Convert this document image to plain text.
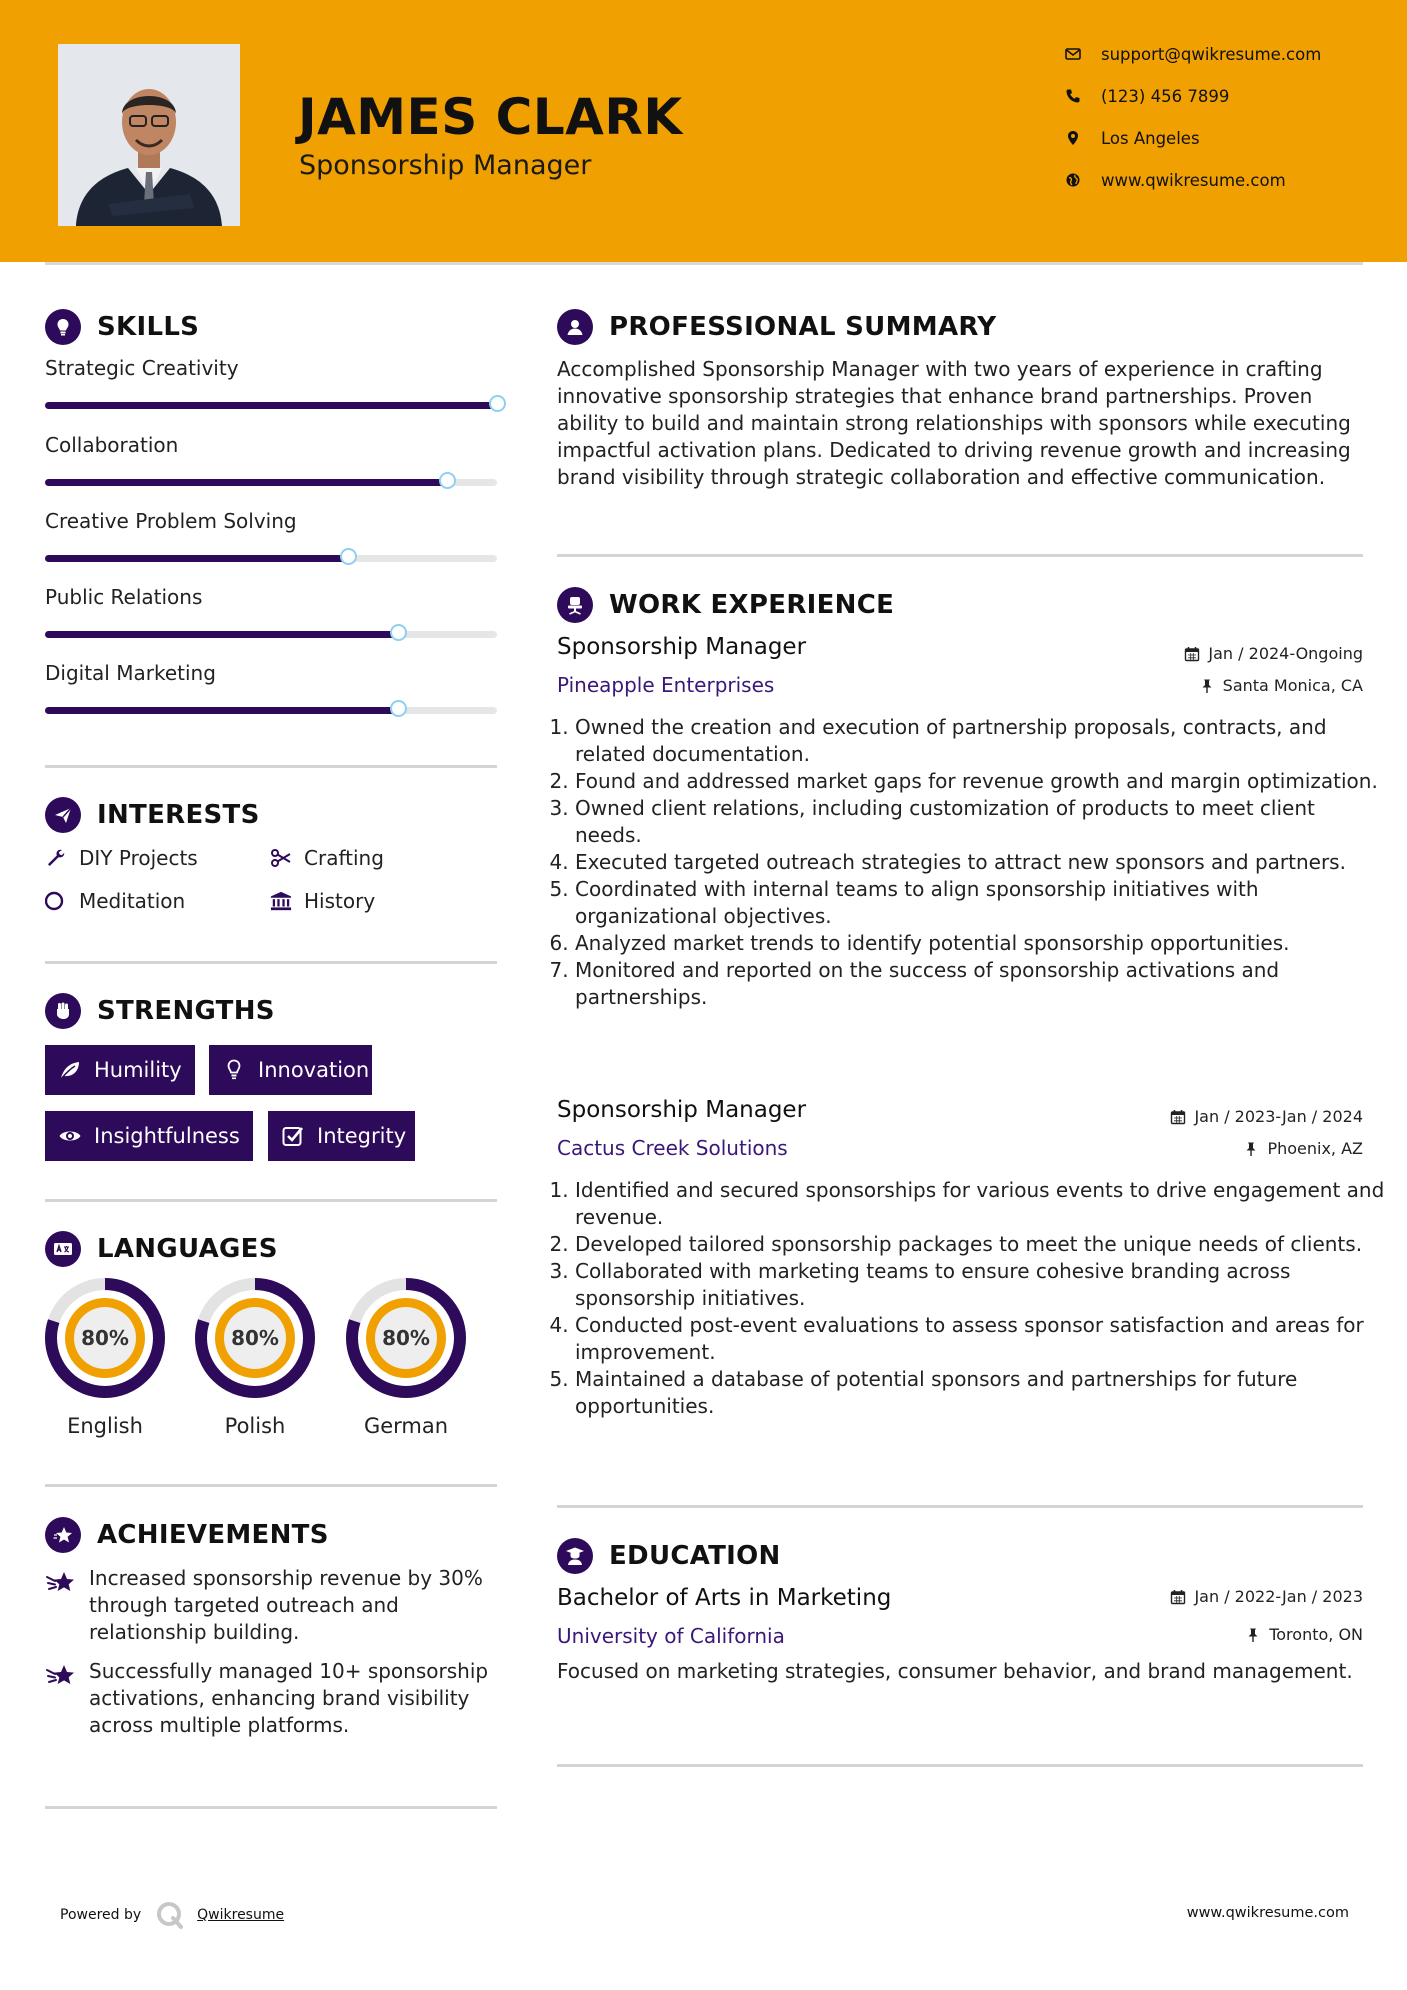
JAMES CLARK
Sponsorship Manager
support@qwikresume.com
(123) 456 7899
Los Angeles
www.qwikresume.com
SKILLS
Strategic Creativity
Collaboration
Creative Problem Solving
Public Relations
Digital Marketing
INTERESTS
DIY Projects	Crafting
Meditation	History
STRENGTHS
Humility	Innovation
Insightfulness	Integrity
LANGUAGES
80%
English
80%
Polish
80%
German
ACHIEVEMENTS
Increased sponsorship revenue by 30% through targeted outreach and relationship building.
Successfully managed 10+ sponsorship activations, enhancing brand visibility across multiple platforms.
PROFESSIONAL SUMMARY
Accomplished Sponsorship Manager with two years of experience in crafting innovative sponsorship strategies that enhance brand partnerships. Proven ability to build and maintain strong relationships with sponsors while executing impactful activation plans. Dedicated to driving revenue growth and increasing brand visibility through strategic collaboration and effective communication.
WORK EXPERIENCE
Sponsorship Manager	Jan / 2024-Ongoing
Pineapple Enterprises	Santa Monica, CA
1. Owned the creation and execution of partnership proposals, contracts, and related documentation.
2. Found and addressed market gaps for revenue growth and margin optimization.
3. Owned client relations, including customization of products to meet client needs.
4. Executed targeted outreach strategies to attract new sponsors and partners.
5. Coordinated with internal teams to align sponsorship initiatives with organizational objectives.
6. Analyzed market trends to identify potential sponsorship opportunities.
7. Monitored and reported on the success of sponsorship activations and partnerships.
Sponsorship Manager	Jan / 2023-Jan / 2024
Cactus Creek Solutions	Phoenix, AZ
1. Identified and secured sponsorships for various events to drive engagement and revenue.
2. Developed tailored sponsorship packages to meet the unique needs of clients.
3. Collaborated with marketing teams to ensure cohesive branding across sponsorship initiatives.
4. Conducted post-event evaluations to assess sponsor satisfaction and areas for improvement.
5. Maintained a database of potential sponsors and partnerships for future opportunities.
EDUCATION
Bachelor of Arts in Marketing	Jan / 2022-Jan / 2023
University of California	Toronto, ON
Focused on marketing strategies, consumer behavior, and brand management.
Powered by	Qwikresume	www.qwikresume.com
